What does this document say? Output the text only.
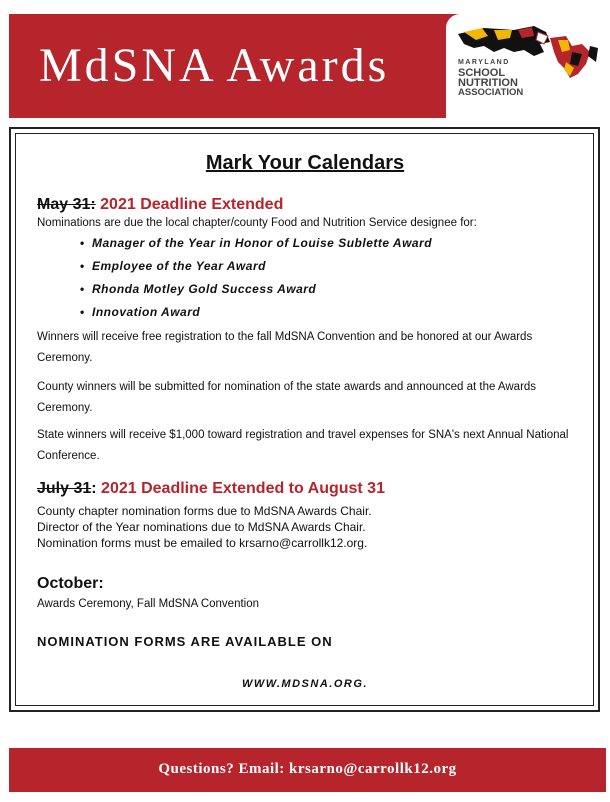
MdSNA Awards	MARYLAND
SCHOOL
NUTRITION
ASSOCIATION
Mark Your Calendars
May 31: 2021 Deadline Extended
Nominations are due the local chapter/county Food and Nutrition Service designee for:
• Manager of the Year in Honor of Louise Sublette Award
• Employee of the Year Award
• Rhonda Motley Gold Success Award
• Innovation Award
Winners will receive free registration to the fall MdSNA Convention and be honored at our Awards Ceremony.
County winners will be submitted for nomination of the state awards and announced at the Awards Ceremony.
State winners will receive $1,000 toward registration and travel expenses for SNA's next Annual National Conference.
July 31: 2021 Deadline Extended to August 31
County chapter nomination forms due to MdSNA Awards Chair.
Director of the Year nominations due to MdSNA Awards Chair.
Nomination forms must be emailed to krsarno@carrollk12.org.
October:
Awards Ceremony, Fall MdSNA Convention
NOMINATION FORMS ARE AVAILABLE ON
WWW.MDSNA.ORG.
Questions? Email: krsarno@carrollk12.org
